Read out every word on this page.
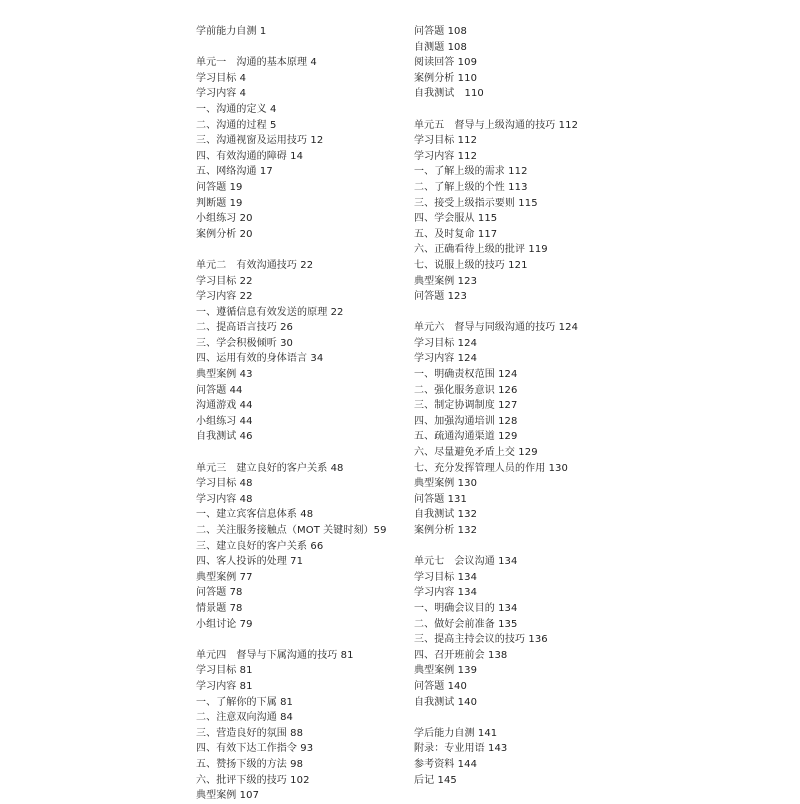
学前能力自测 1
单元一　沟通的基本原理 4
学习目标 4
学习内容 4
一、沟通的定义 4
二、沟通的过程 5
三、沟通视窗及运用技巧 12
四、有效沟通的障碍 14
五、网络沟通 17
问答题 19
判断题 19
小组练习 20
案例分析 20
单元二　有效沟通技巧 22
学习目标 22
学习内容 22
一、遵循信息有效发送的原理 22
二、提高语言技巧 26
三、学会积极倾听 30
四、运用有效的身体语言 34
典型案例 43
问答题 44
沟通游戏 44
小组练习 44
自我测试 46
单元三　建立良好的客户关系 48
学习目标 48
学习内容 48
一、建立宾客信息体系 48
二、关注服务接触点（MOT 关键时刻）59
三、建立良好的客户关系 66
四、客人投诉的处理 71
典型案例 77
问答题 78
情景题 78
小组讨论 79
单元四　督导与下属沟通的技巧 81
学习目标 81
学习内容 81
一、了解你的下属 81
二、注意双向沟通 84
三、营造良好的氛围 88
四、有效下达工作指令 93
五、赞扬下级的方法 98
六、批评下级的技巧 102
典型案例 107
问答题 108
自测题 108
阅读回答 109
案例分析 110
自我测试　110
单元五　督导与上级沟通的技巧 112
学习目标 112
学习内容 112
一、了解上级的需求 112
二、了解上级的个性 113
三、接受上级指示要则 115
四、学会服从 115
五、及时复命 117
六、正确看待上级的批评 119
七、说服上级的技巧 121
典型案例 123
问答题 123
单元六　督导与同级沟通的技巧 124
学习目标 124
学习内容 124
一、明确责权范围 124
二、强化服务意识 126
三、制定协调制度 127
四、加强沟通培训 128
五、疏通沟通渠道 129
六、尽量避免矛盾上交 129
七、充分发挥管理人员的作用 130
典型案例 130
问答题 131
自我测试 132
案例分析 132
单元七　会议沟通 134
学习目标 134
学习内容 134
一、明确会议目的 134
二、做好会前准备 135
三、提高主持会议的技巧 136
四、召开班前会 138
典型案例 139
问答题 140
自我测试 140
学后能力自测 141
附录：专业用语 143
参考资料 144
后记 145
